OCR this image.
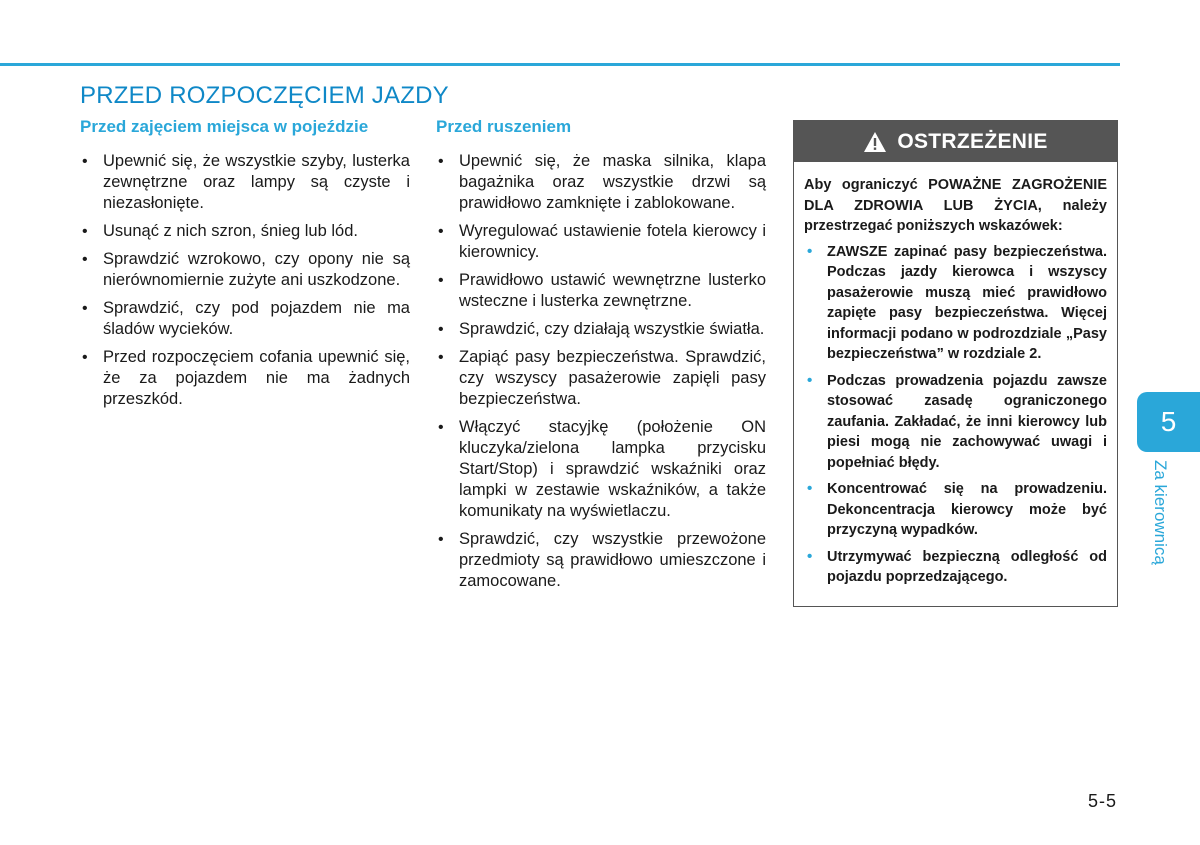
PRZED ROZPOCZĘCIEM JAZDY
Przed zajęciem miejsca w pojeździe
• Upewnić się, że wszystkie szyby, lusterka zewnętrzne oraz lampy są czyste i niezasłonięte.
• Usunąć z nich szron, śnieg lub lód.
• Sprawdzić wzrokowo, czy opony nie są nierównomiernie zużyte ani uszkodzone.
• Sprawdzić, czy pod pojazdem nie ma śladów wycieków.
• Przed rozpoczęciem cofania upewnić się, że za pojazdem nie ma żadnych przeszkód.
Przed ruszeniem
• Upewnić się, że maska silnika, klapa bagażnika oraz wszystkie drzwi są prawidłowo zamknięte i zablokowane.
• Wyregulować ustawienie fotela kierowcy i kierownicy.
• Prawidłowo ustawić wewnętrzne lusterko wsteczne i lusterka zewnętrzne.
• Sprawdzić, czy działają wszystkie światła.
• Zapiąć pasy bezpieczeństwa. Sprawdzić, czy wszyscy pasażerowie zapięli pasy bezpieczeństwa.
• Włączyć stacyjkę (położenie ON kluczyka/zielona lampka przycisku Start/Stop) i sprawdzić wskaźniki oraz lampki w zestawie wskaźników, a także komunikaty na wyświetlaczu.
• Sprawdzić, czy wszystkie przewożone przedmioty są prawidłowo umieszczone i zamocowane.
OSTRZEŻENIE

Aby ograniczyć POWAŻNE ZAGROŻENIE DLA ZDROWIA LUB ŻYCIA, należy przestrzegać poniższych wskazówek:

• ZAWSZE zapinać pasy bezpieczeństwa. Podczas jazdy kierowca i wszyscy pasażerowie muszą mieć prawidłowo zapięte pasy bezpieczeństwa. Więcej informacji podano w podrozdziale „Pasy bezpieczeństwa” w rozdziale 2.
• Podczas prowadzenia pojazdu zawsze stosować zasadę ograniczonego zaufania. Zakładać, że inni kierowcy lub piesi mogą nie zachowywać uwagi i popełniać błędy.
• Koncentrować się na prowadzeniu. Dekoncentracja kierowcy może być przyczyną wypadków.
• Utrzymywać bezpieczną odległość od pojazdu poprzedzającego.
5
Za kierownicą
5-5
